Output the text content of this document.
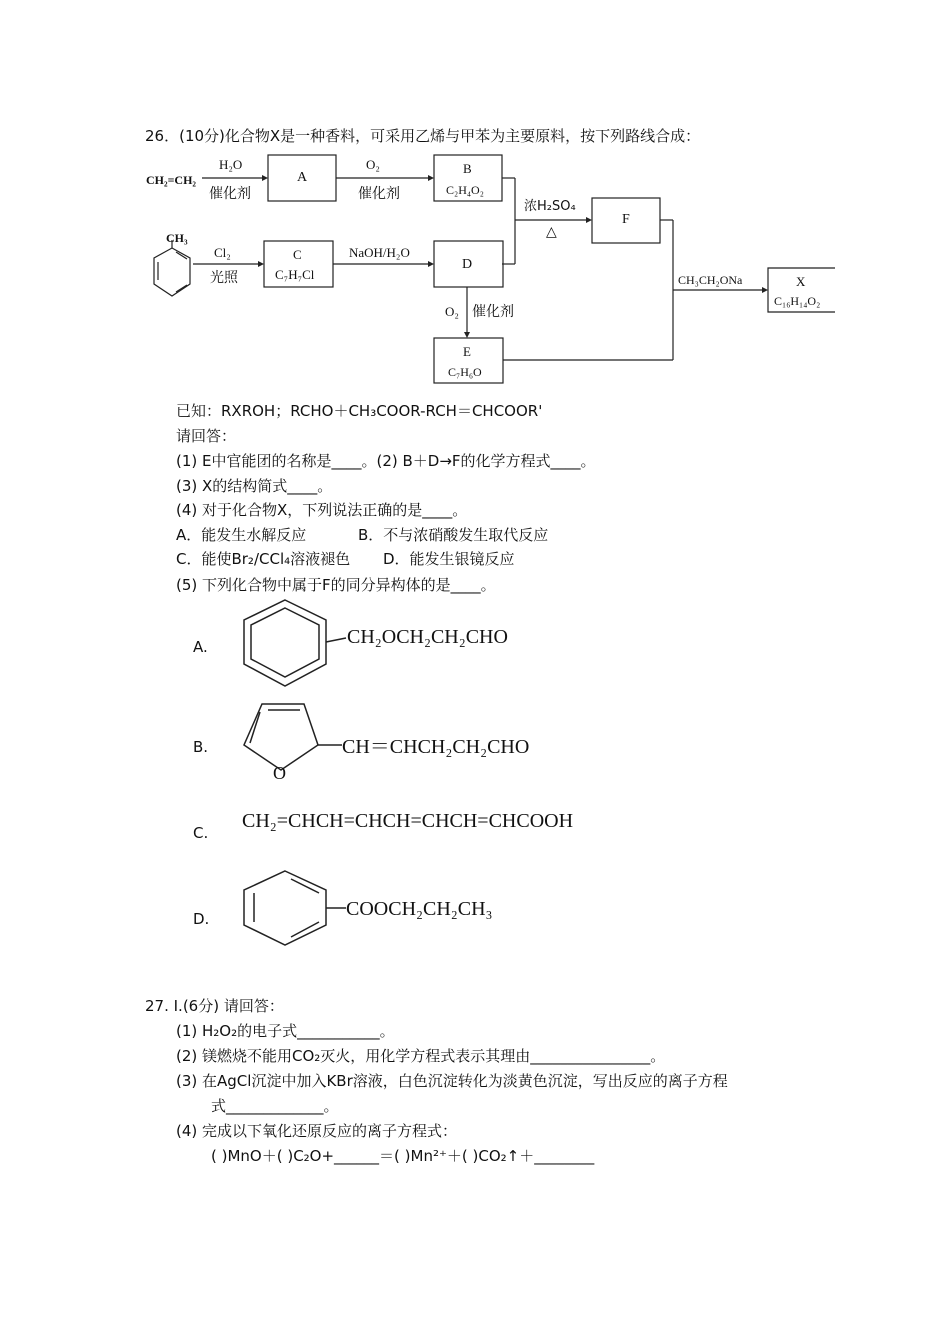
26．(10分)化合物X是一种香料，可采用乙烯与甲苯为主要原料，按下列路线合成：
CH₂=CH₂
CH₃
H₂O
催化剂
A
O₂
催化剂
B
C₂H₄O₂
浓H₂SO₄
△
F
Cl₂
光照
C
C₇H₇Cl
NaOH/H₂O
D
O₂ 催化剂
E
C₇H₆O
CH₃CH₂ONa	X
C₁₆H₁₄O₂
已知：RXROH；RCHO＋CH₃COOR-RCH＝CHCOOR'
请回答：
(1) E中官能团的名称是____。(2) B＋D→F的化学方程式____。
(3) X的结构简式____。
(4) 对于化合物X，下列说法正确的是____。
A．能发生水解反应	B．不与浓硝酸发生取代反应
C．能使Br₂/CCl₄溶液褪色 D．能发生银镜反应
(5) 下列化合物中属于F的同分异构体的是____。
A.	CH₂OCH₂CH₂CHO
B.	CH＝CHCH₂CH₂CHO
O
C.
CH₂=CHCH=CHCH=CHCH=CHCOOH
D.	COOCH₂CH₂CH₃
27. Ⅰ.(6分) 请回答：
(1) H₂O₂的电子式___________。
(2) 镁燃烧不能用CO₂灭火，用化学方程式表示其理由________________。
(3) 在AgCl沉淀中加入KBr溶液，白色沉淀转化为淡黄色沉淀，写出反应的离子方程
式_____________。
(4) 完成以下氧化还原反应的离子方程式：
( )MnO＋( )C₂O+______＝( )Mn²⁺＋( )CO₂↑＋________
